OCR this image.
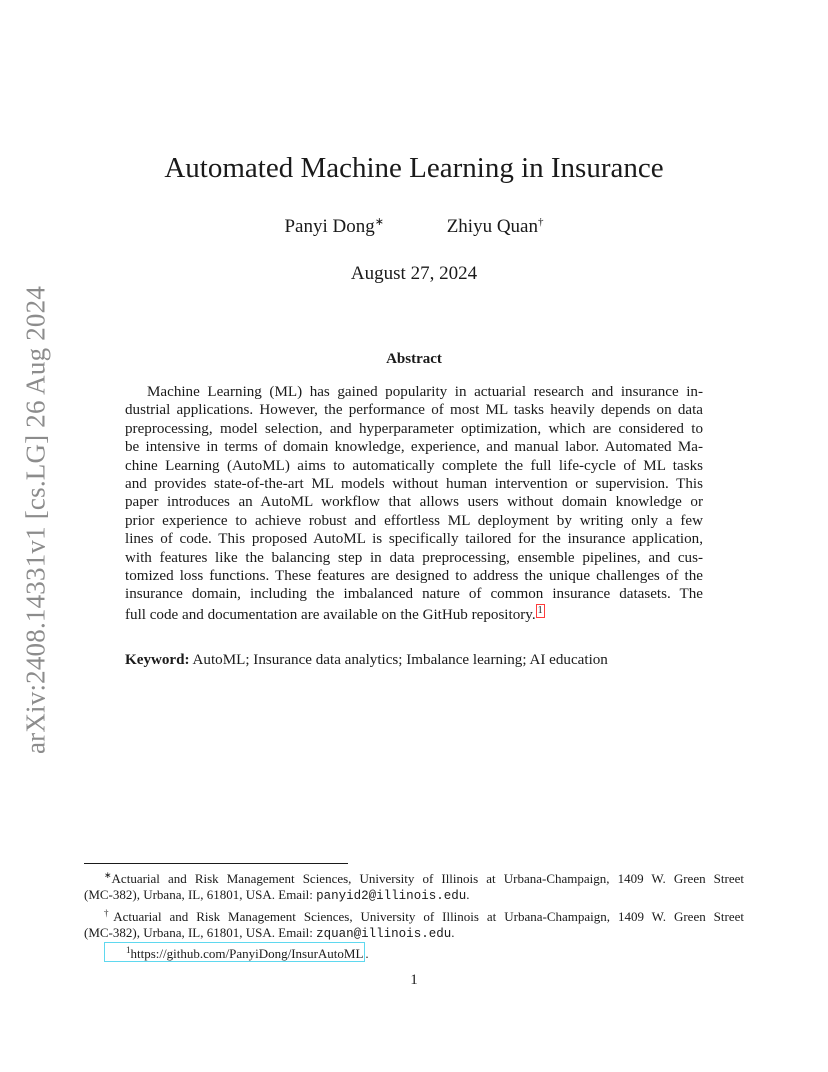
arXiv:2408.14331v1 [cs.LG] 26 Aug 2024
Automated Machine Learning in Insurance
Panyi Dong∗	Zhiyu Quan†
August 27, 2024
Abstract
Machine Learning (ML) has gained popularity in actuarial research and insurance in-
dustrial applications. However, the performance of most ML tasks heavily depends on data
preprocessing, model selection, and hyperparameter optimization, which are considered to
be intensive in terms of domain knowledge, experience, and manual labor. Automated Ma-
chine Learning (AutoML) aims to automatically complete the full life-cycle of ML tasks
and provides state-of-the-art ML models without human intervention or supervision. This
paper introduces an AutoML workflow that allows users without domain knowledge or
prior experience to achieve robust and effortless ML deployment by writing only a few
lines of code. This proposed AutoML is specifically tailored for the insurance application,
with features like the balancing step in data preprocessing, ensemble pipelines, and cus-
tomized loss functions. These features are designed to address the unique challenges of the
insurance domain, including the imbalanced nature of common insurance datasets. The
full code and documentation are available on the GitHub repository. 1
Keyword: AutoML; Insurance data analytics; Imbalance learning; AI education
∗Actuarial and Risk Management Sciences, University of Illinois at Urbana-Champaign, 1409 W. Green Street
(MC-382), Urbana, IL, 61801, USA. Email: panyid2@illinois.edu.
†Actuarial and Risk Management Sciences, University of Illinois at Urbana-Champaign, 1409 W. Green Street
(MC-382), Urbana, IL, 61801, USA. Email: zquan@illinois.edu.
$^1$https://github.com/PanyiDong/InsurAutoML .
1
